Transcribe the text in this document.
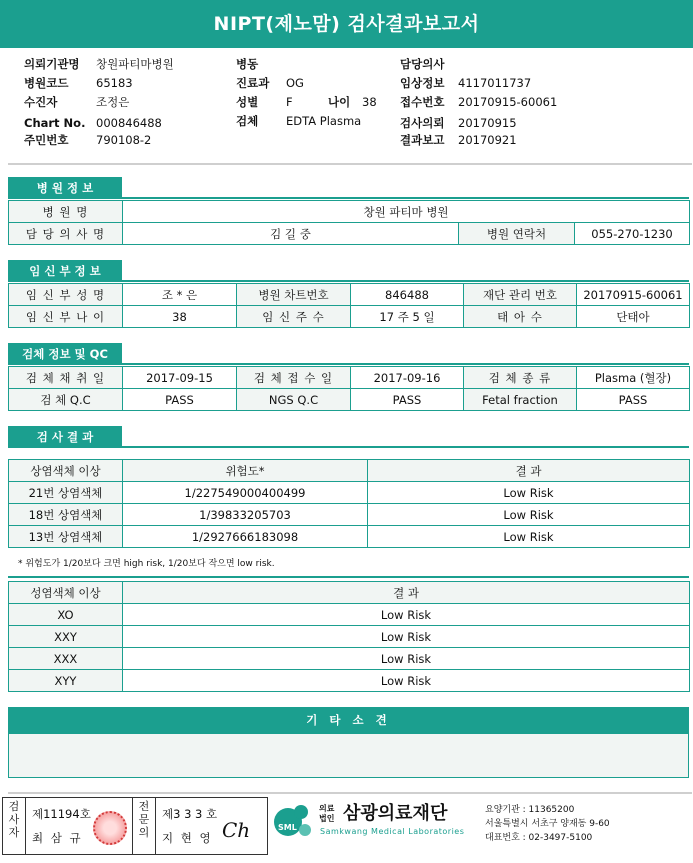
NIPT(제노맘) 검사결과보고서
의뢰기관명 창원파티마병원
병원코드 65183
수진자	조정은
Chart No. 000846488
주민번호 790108-2
병동
진료과 OG
성별 F	나이 38
검체 EDTA Plasma
담당의사
임상정보 4117011737
접수번호 20170915-60061
검사의뢰 20170915
결과보고 20170921
병 원 정 보
병 원 명	창원 파티마 병원		
담 당 의 사 명	김 길 중	병원 연락처	055-270-1230
임 신 부 정 보
임 신 부 성 명	조 * 은	병원 차트번호	846488	재단 관리 번호	20170915-60061
임 신 부 나 이	38	임 신 주 수	17 주 5 일	태 아 수	단태아
검체 정보 및 QC
검 체 채 취 일	2017-09-15	검 체 접 수 일	2017-09-16	검 체 종 류	Plasma (혈장)
검 체 Q.C	PASS	NGS Q.C	PASS	Fetal fraction	PASS
검 사 결 과
상염색체 이상	위험도*	결 과
21번 상염색체	1/227549000400499	Low Risk
18번 상염색체	1/39833205703	Low Risk
13번 상염색체	1/2927666183098	Low Risk
* 위험도가 1/20보다 크면 high risk, 1/20보다 작으면 low risk.
성염색체 이상	결 과
XO	Low Risk
XXY	Low Risk
XXX	Low Risk
XYY	Low Risk
기 타 소 견
검사자
제11194호
최 삼 규
전문의
제3 3 3 호
지 현 영 Ch	SML
의료
법인 삼광의료재단
Samkwang Medical Laboratories
요양기관 : 11365200
서울특별시 서초구 양재동 9-60
대표번호 : 02-3497-5100
